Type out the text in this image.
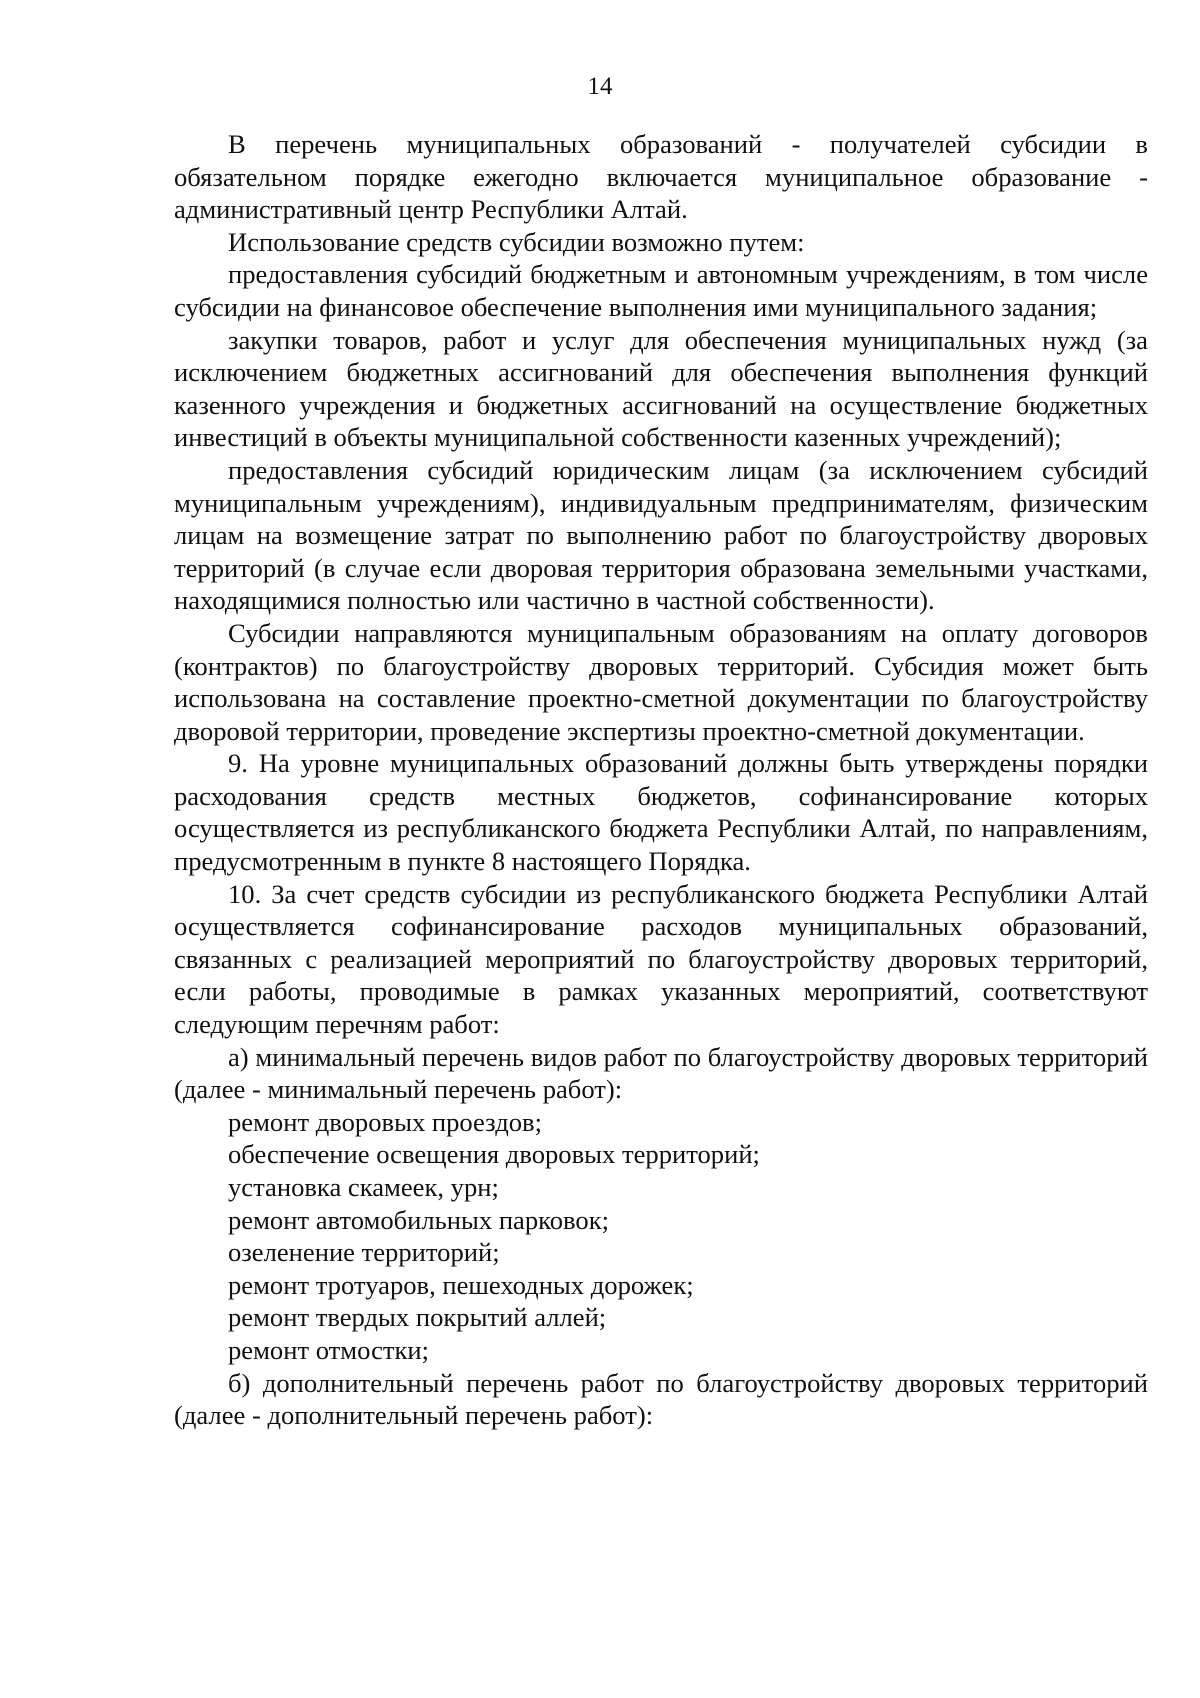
14

В перечень муниципальных образований - получателей субсидии в обязательном порядке ежегодно включается муниципальное образование - административный центр Республики Алтай.

Использование средств субсидии возможно путем:

предоставления субсидий бюджетным и автономным учреждениям, в том числе субсидии на финансовое обеспечение выполнения ими муниципального задания;

закупки товаров, работ и услуг для обеспечения муниципальных нужд (за исключением бюджетных ассигнований для обеспечения выполнения функций казенного учреждения и бюджетных ассигнований на осуществление бюджетных инвестиций в объекты муниципальной собственности казенных учреждений);

предоставления субсидий юридическим лицам (за исключением субсидий муниципальным учреждениям), индивидуальным предпринимателям, физическим лицам на возмещение затрат по выполнению работ по благоустройству дворовых территорий (в случае если дворовая территория образована земельными участками, находящимися полностью или частично в частной собственности).

Субсидии направляются муниципальным образованиям на оплату договоров (контрактов) по благоустройству дворовых территорий. Субсидия может быть использована на составление проектно-сметной документации по благоустройству дворовой территории, проведение экспертизы проектно-сметной документации.

9. На уровне муниципальных образований должны быть утверждены порядки расходования средств местных бюджетов, софинансирование которых осуществляется из республиканского бюджета Республики Алтай, по направлениям, предусмотренным в пункте 8 настоящего Порядка.

10. За счет средств субсидии из республиканского бюджета Республики Алтай осуществляется софинансирование расходов муниципальных образований, связанных с реализацией мероприятий по благоустройству дворовых территорий, если работы, проводимые в рамках указанных мероприятий, соответствуют следующим перечням работ:

а) минимальный перечень видов работ по благоустройству дворовых территорий (далее - минимальный перечень работ):

ремонт дворовых проездов;

обеспечение освещения дворовых территорий;

установка скамеек, урн;

ремонт автомобильных парковок;

озеленение территорий;

ремонт тротуаров, пешеходных дорожек;

ремонт твердых покрытий аллей;

ремонт отмостки;

б) дополнительный перечень работ по благоустройству дворовых территорий (далее - дополнительный перечень работ):
